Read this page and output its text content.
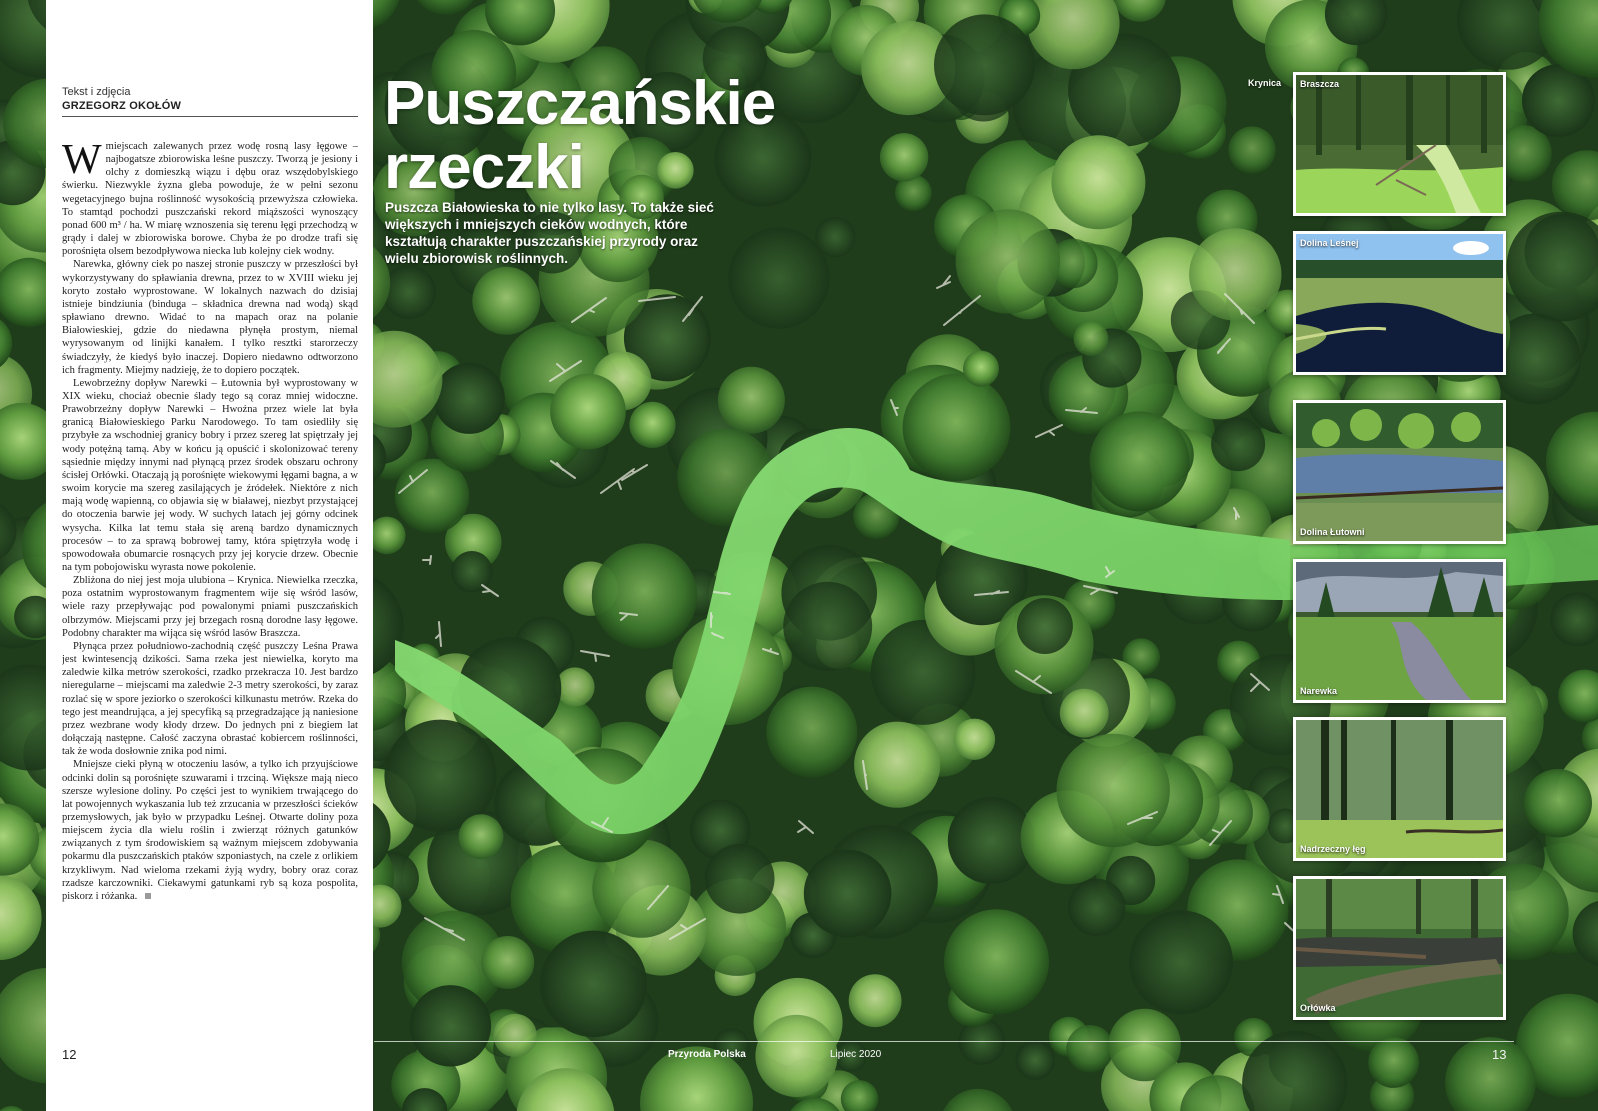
Tekst i zdjęcia
GRZEGORZ OKOŁÓW

Wmiejscach zalewanych przez wodę rosną lasy łęgowe – najbogatsze zbiorowiska leśne puszczy. Tworzą je jesiony i olchy z domieszką wiązu i dębu oraz wszędobylskiego świerku. Niezwykle żyzna gleba powoduje, że w pełni sezonu wegetacyjnego bujna roślinność wysokością przewyższa człowieka. To stamtąd pochodzi puszczański rekord miąższości wynoszący ponad 600 m³ / ha. W miarę wznoszenia się terenu łęgi przechodzą w grądy i dalej w zbiorowiska borowe. Chyba że po drodze trafi się porośnięta olsem bezodpływowa niecka lub kolejny ciek wodny.

Narewka, główny ciek po naszej stronie puszczy w przeszłości był wykorzystywany do spławiania drewna, przez to w XVIII wieku jej koryto zostało wyprostowane. W lokalnych nazwach do dzisiaj istnieje bindziunia (binduga – składnica drewna nad wodą) skąd spławiano drewno. Widać to na mapach oraz na polanie Białowieskiej, gdzie do niedawna płynęła prostym, niemal wyrysowanym od linijki kanałem. I tylko resztki starorzeczy świadczyły, że kiedyś było inaczej. Dopiero niedawno odtworzono ich fragmenty. Miejmy nadzieję, że to dopiero początek.

Lewobrzeżny dopływ Narewki – Łutownia był wyprostowany w XIX wieku, chociaż obecnie ślady tego są coraz mniej widoczne. Prawobrzeżny dopływ Narewki – Hwoźna przez wiele lat była granicą Białowieskiego Parku Narodowego. To tam osiedliły się przybyłe za wschodniej granicy bobry i przez szereg lat spiętrzały jej wody potężną tamą. Aby w końcu ją opuścić i skolonizować tereny sąsiednie między innymi nad płynącą przez środek obszaru ochrony ścisłej Orłówki. Otaczają ją porośnięte wiekowymi łęgami bagna, a w swoim korycie ma szereg zasilających je źródełek. Niektóre z nich mają wodę wapienną, co objawia się w białawej, niezbyt przystającej do otoczenia barwie jej wody. W suchych latach jej górny odcinek wysycha. Kilka lat temu stała się areną bardzo dynamicznych procesów – to za sprawą bobrowej tamy, która spiętrzyła wodę i spowodowała obumarcie rosnących przy jej korycie drzew. Obecnie na tym pobojowisku wyrasta nowe pokolenie.

Zbliżona do niej jest moja ulubiona – Krynica. Niewielka rzeczka, poza ostatnim wyprostowanym fragmentem wije się wśród lasów, wiele razy przepływając pod powalonymi pniami puszczańskich olbrzymów. Miejscami przy jej brzegach rosną dorodne lasy łęgowe. Podobny charakter ma wijąca się wśród lasów Braszcza.

Płynąca przez południowo-zachodnią część puszczy Leśna Prawa jest kwintesencją dzikości. Sama rzeka jest niewielka, koryto ma zaledwie kilka metrów szerokości, rzadko przekracza 10. Jest bardzo nieregularne – miejscami ma zaledwie 2-3 metry szerokości, by zaraz rozlać się w spore jeziorko o szerokości kilkunastu metrów. Rzeka do tego jest meandrująca, a jej specyfiką są przegradzające ją naniesione przez wezbrane wody kłody drzew. Do jednych pni z biegiem lat dołączają następne. Całość zaczyna obrastać kobiercem roślinności, tak że woda dosłownie znika pod nimi.

Mniejsze cieki płyną w otoczeniu lasów, a tylko ich przyujściowe odcinki dolin są porośnięte szuwarami i trzciną. Większe mają nieco szersze wylesione doliny. Po części jest to wynikiem trwającego do lat powojennych wykaszania lub też zrzucania w przeszłości ścieków przemysłowych, jak było w przypadku Leśnej. Otwarte doliny poza miejscem życia dla wielu roślin i zwierząt różnych gatunków związanych z tym środowiskiem są ważnym miejscem zdobywania pokarmu dla puszczańskich ptaków szponiastych, na czele z orlikiem krzykliwym. Nad wieloma rzekami żyją wydry, bobry oraz coraz rzadsze karczowniki. Ciekawymi gatunkami ryb są koza pospolita, piskorz i różanka.

12
Puszczańskie
rzeczki

Puszcza Białowieska to nie tylko lasy. To także sieć większych i mniejszych cieków wodnych, które kształtują charakter puszczańskiej przyrody oraz wielu zbiorowisk roślinnych.

Krynica Braszcza
Dolina Leśnej
Dolina Łutowni
Narewka
Nadrzeczny łęg
Orłówka
Przyroda Polska	Lipiec 2020	13
